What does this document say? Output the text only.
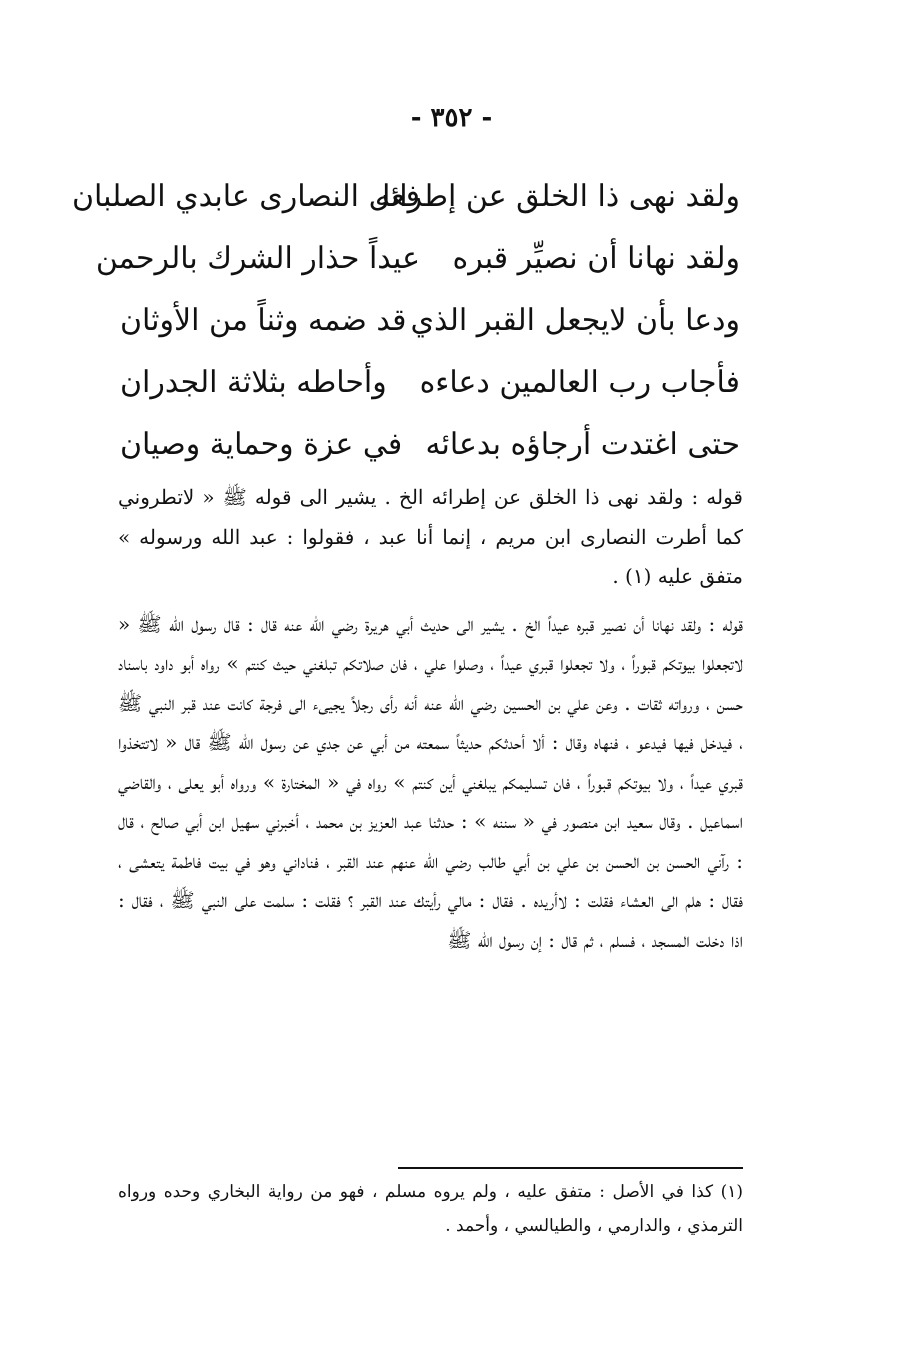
- ٣٥٢ -
ولقد نهى ذا الخلق عن إطرائه
فعل النصارى عابدي الصلبان
ولقد نهانا أن نصيِّر قبره
عيداً حذار الشرك بالرحمن
ودعا بأن لايجعل القبر الذي
قد ضمه وثناً من الأوثان
فأجاب رب العالمين دعاءه
وأحاطه بثلاثة الجدران
حتى اغتدت أرجاؤه بدعائه
في عزة وحماية وصيان

قوله : ولقد نهى ذا الخلق عن إطرائه الخ . يشير الى قوله ﷺ « لاتطروني كما أطرت النصارى ابن مريم ، إنما أنا عبد ، فقولوا : عبد الله ورسوله » متفق عليه (١) .

قوله : ولقد نهانا أن نصير قبره عيداً الخ . يشير الى حديث أبي هريرة رضي الله عنه قال : قال رسول الله ﷺ « لاتجعلوا بيوتكم قبوراً ، ولا تجعلوا قبري عيداً ، وصلوا علي ، فان صلاتكم تبلغني حيث كنتم » رواه أبو داود باسناد حسن ، ورواته ثقات . وعن علي بن الحسين رضي الله عنه أنه رأى رجلاً يجيىء الى فرجة كانت عند قبر النبي ﷺ ، فيدخل فيها فيدعو ، فنهاه وقال : ألا أحدثكم حديثاً سمعته من أبي عن جدي عن رسول الله ﷺ قال « لاتتخذوا قبري عيداً ، ولا بيوتكم قبوراً ، فان تسليمكم يبلغني أين كنتم » رواه في « المختارة » ورواه أبو يعلى ، والقاضي اسماعيل . وقال سعيد ابن منصور في « سننه » : حدثنا عبد العزيز بن محمد ، أخبرني سهيل ابن أبي صالح ، قال : رآني الحسن بن الحسن بن علي بن أبي طالب رضي الله عنهم عند القبر ، فناداني وهو في بيت فاطمة يتعشى ، فقال : هلم الى العشاء فقلت : لاأريده . فقال : مالي رأيتك عند القبر ؟ فقلت : سلمت على النبي ﷺ ، فقال : اذا دخلت المسجد ، فسلم ، ثم قال : إن رسول الله ﷺ

(١) كذا في الأصل : متفق عليه ، ولم يروه مسلم ، فهو من رواية البخاري وحده ورواه الترمذي ، والدارمي ، والطيالسي ، وأحمد .
